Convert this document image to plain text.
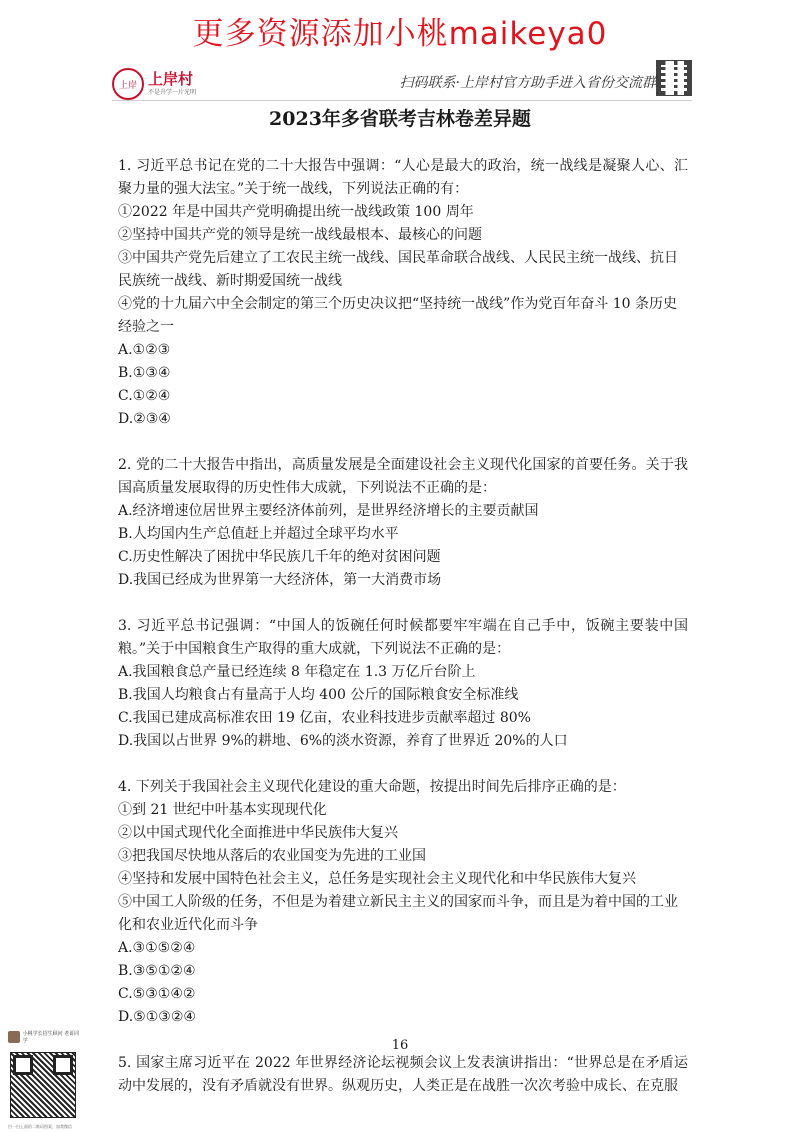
更多资源添加小桃maikeya0
上岸 上岸村
不是升学一片光明
扫码联系·上岸村官方助手进入省份交流群
2023年多省联考吉林卷差异题

1. 习近平总书记在党的二十大报告中强调：“人心是最大的政治，统一战线是凝聚人心、汇聚力量的强大法宝。”关于统一战线，下列说法正确的有：

①2022 年是中国共产党明确提出统一战线政策 100 周年

②坚持中国共产党的领导是统一战线最根本、最核心的问题

③中国共产党先后建立了工农民主统一战线、国民革命联合战线、人民民主统一战线、抗日民族统一战线、新时期爱国统一战线

④党的十九届六中全会制定的第三个历史决议把“坚持统一战线”作为党百年奋斗 10 条历史经验之一

A.①②③

B.①③④

C.①②④

D.②③④

2. 党的二十大报告中指出，高质量发展是全面建设社会主义现代化国家的首要任务。关于我国高质量发展取得的历史性伟大成就，下列说法不正确的是：

A.经济增速位居世界主要经济体前列，是世界经济增长的主要贡献国

B.人均国内生产总值赶上并超过全球平均水平

C.历史性解决了困扰中华民族几千年的绝对贫困问题

D.我国已经成为世界第一大经济体，第一大消费市场

3. 习近平总书记强调：“中国人的饭碗任何时候都要牢牢端在自己手中，饭碗主要装中国粮。”关于中国粮食生产取得的重大成就，下列说法不正确的是：

A.我国粮食总产量已经连续 8 年稳定在 1.3 万亿斤台阶上

B.我国人均粮食占有量高于人均 400 公斤的国际粮食安全标准线

C.我国已建成高标准农田 19 亿亩，农业科技进步贡献率超过 80%

D.我国以占世界 9%的耕地、6%的淡水资源，养育了世界近 20%的人口

4. 下列关于我国社会主义现代化建设的重大命题，按提出时间先后排序正确的是：

①到 21 世纪中叶基本实现现代化

②以中国式现代化全面推进中华民族伟大复兴

③把我国尽快地从落后的农业国变为先进的工业国

④坚持和发展中国特色社会主义，总任务是实现社会主义现代化和中华民族伟大复兴

⑤中国工人阶级的任务，不但是为着建立新民主主义的国家而斗争，而且是为着中国的工业化和农业近代化而斗争

A.③①⑤②④

B.③⑤①②④

C.⑤③①④②

D.⑤①③②④

5. 国家主席习近平在 2022 年世界经济论坛视频会议上发表演讲指出：“世界总是在矛盾运动中发展的，没有矛盾就没有世界。纵观历史，人类正是在战胜一次次考验中成长、在克服

16
小桃学长招生顾问 老哥同学
扫一扫上面的二维码图案，加我微信
